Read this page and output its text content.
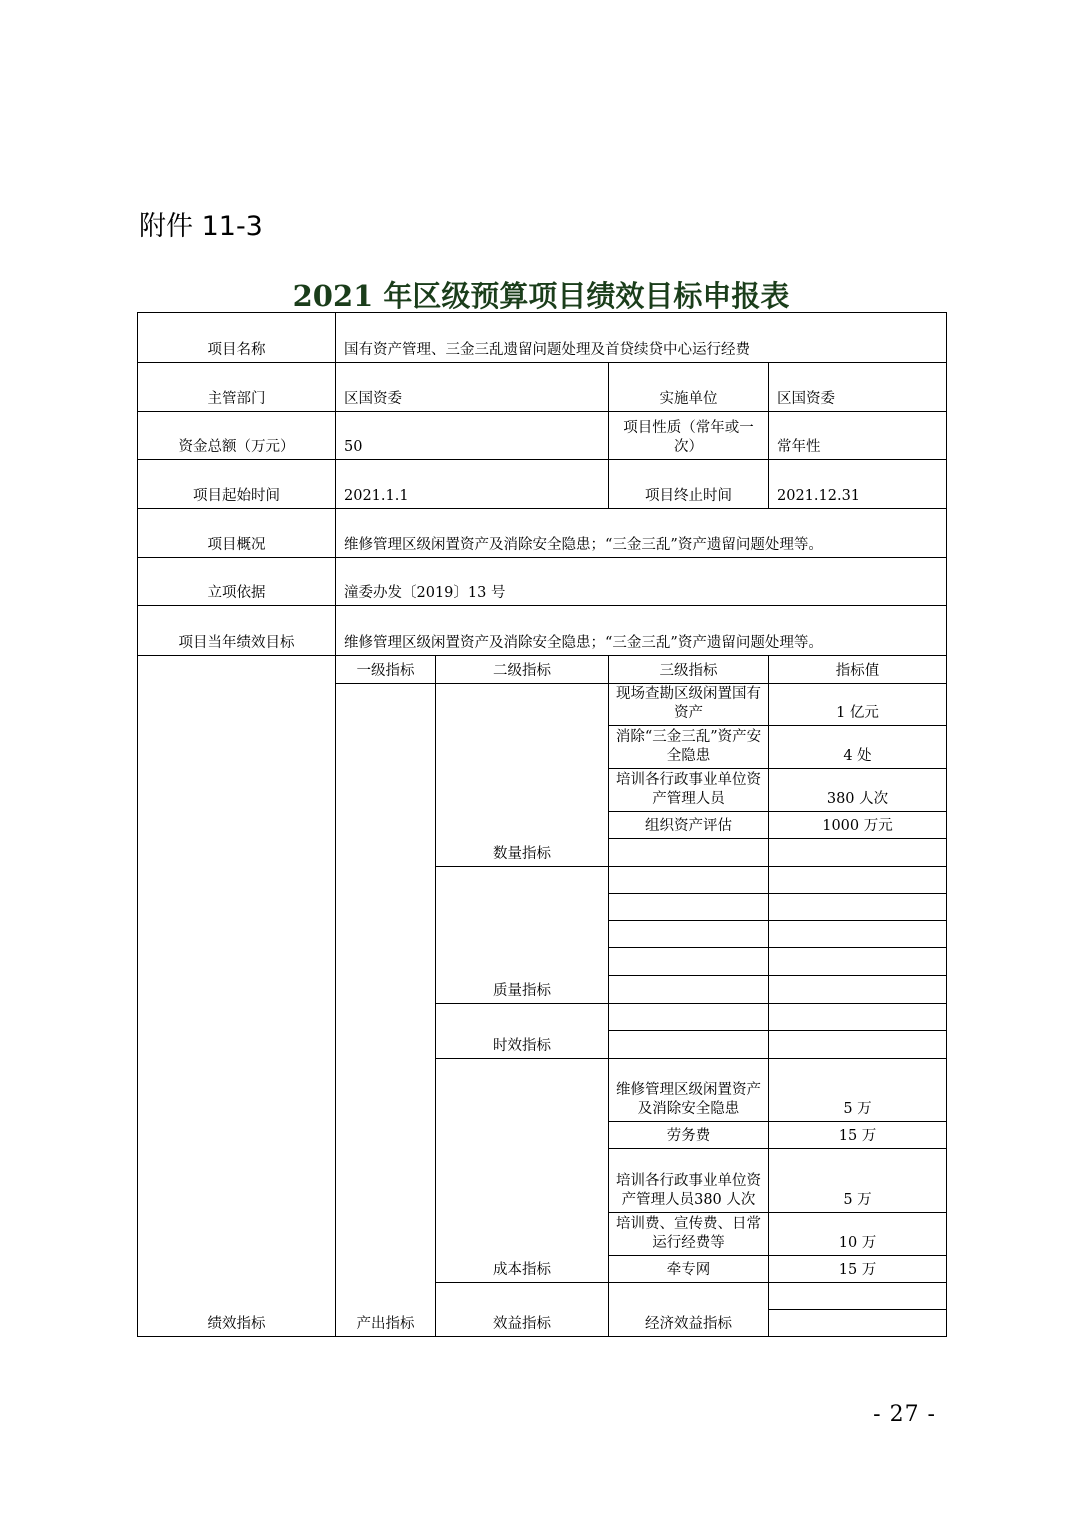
附件 11-3
2021 年区级预算项目绩效目标申报表
项目名称	国有资产管理、三金三乱遗留问题处理及首贷续贷中心运行经费				
主管部门	区国资委		实施单位	区国资委	
资金总额（万元）	50		项目性质（常年或一次）	常年性	
项目起始时间	2021.1.1		项目终止时间	2021.12.31	
项目概况	维修管理区级闲置资产及消除安全隐患；“三金三乱”资产遗留问题处理等。				
立项依据	潼委办发〔2019〕13 号				
项目当年绩效目标	维修管理区级闲置资产及消除安全隐患；“三金三乱”资产遗留问题处理等。				
绩效指标	一级指标	二级指标	三级指标	指标值	
	产出指标	数量指标	现场查勘区级闲置国有资产	1 亿元	
			消除“三金三乱”资产安全隐患	4 处	
			培训各行政事业单位资产管理人员	380 人次	
			组织资产评估	1000 万元	

		质量指标			

		时效指标			

		成本指标	维修管理区级闲置资产及消除安全隐患	5 万	
			劳务费	15 万	
			培训各行政事业单位资产管理人员380 人次	5 万	
			培训费、宣传费、日常运行经费等	10 万	
			牵专网	15 万	
		效益指标	经济效益指标		

- 27 -
